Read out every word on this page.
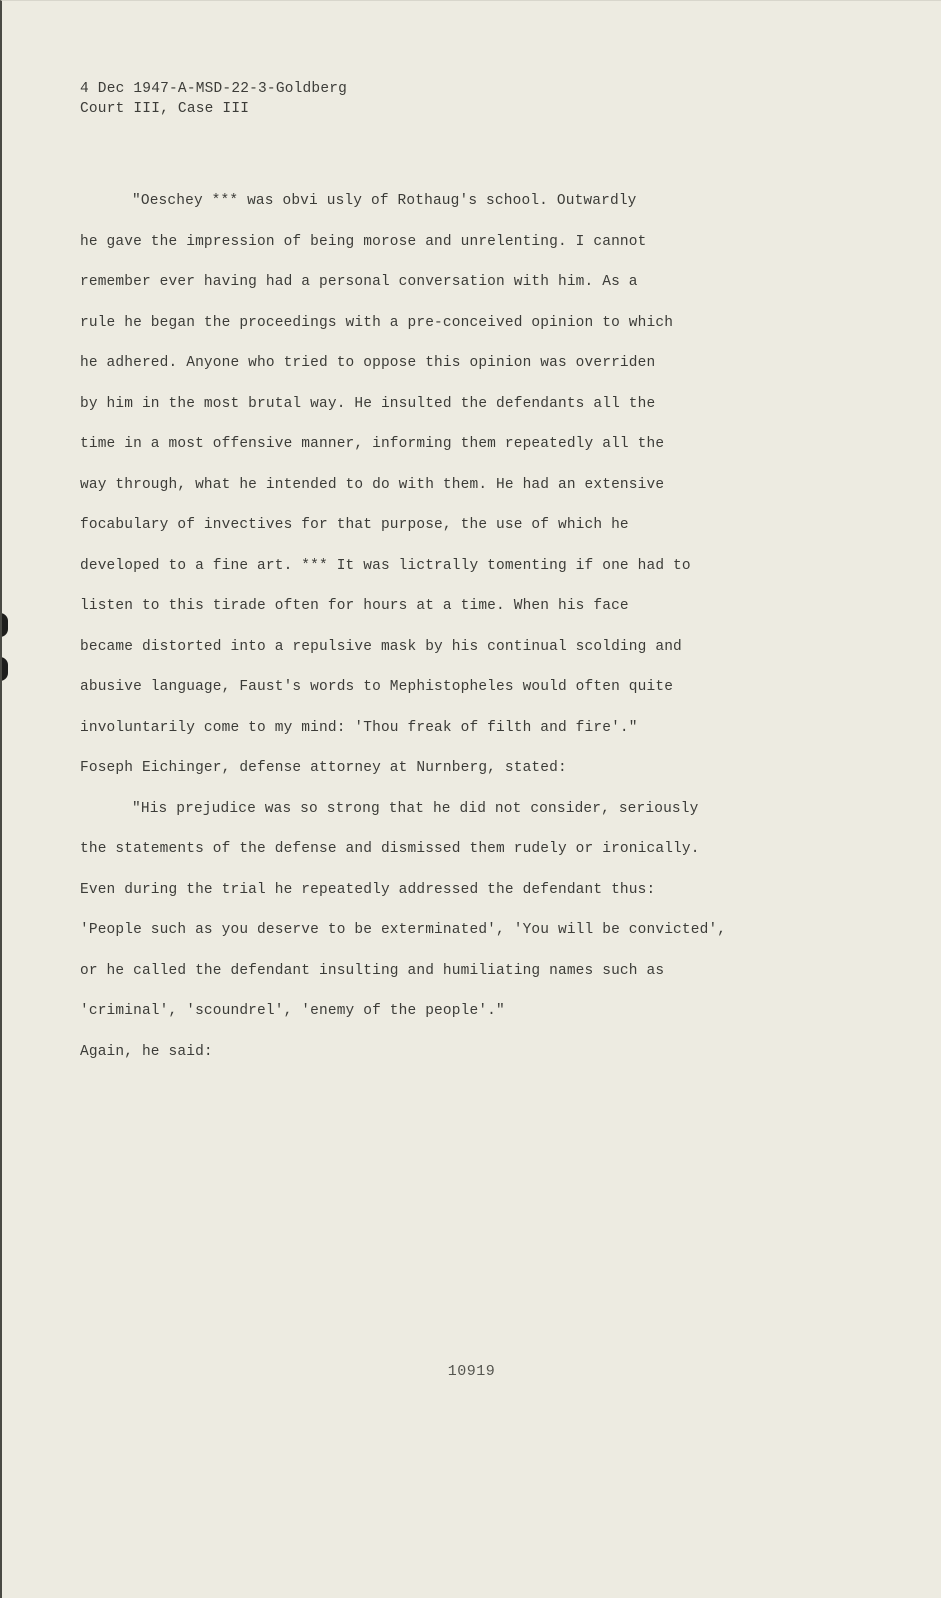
4 Dec 1947-A-MSD-22-3-Goldberg
Court III, Case III
"Oeschey *** was obvi usly of Rothaug's school. Outwardly
he gave the impression of being morose and unrelenting. I cannot
remember ever having had a personal conversation with him. As a
rule he began the proceedings with a pre-conceived opinion to which
he adhered. Anyone who tried to oppose this opinion was overriden
by him in the most brutal way. He insulted the defendants all the
time in a most offensive manner, informing them repeatedly all the
way through, what he intended to do with them. He had an extensive
focabulary of invectives for that purpose, the use of which he
developed to a fine art. *** It was lictrally tomenting if one had to
listen to this tirade often for hours at a time. When his face
became distorted into a repulsive mask by his continual scolding and
abusive language, Faust's words to Mephistopheles would often quite
involuntarily come to my mind: 'Thou freak of filth and fire'."
Foseph Eichinger, defense attorney at Nurnberg, stated:
"His prejudice was so strong that he did not consider, seriously
the statements of the defense and dismissed them rudely or ironically.
Even during the trial he repeatedly addressed the defendant thus:
'People such as you deserve to be exterminated', 'You will be convicted',
or he called the defendant insulting and humiliating names such as
'criminal', 'scoundrel', 'enemy of the people'."
Again, he said:
10919
